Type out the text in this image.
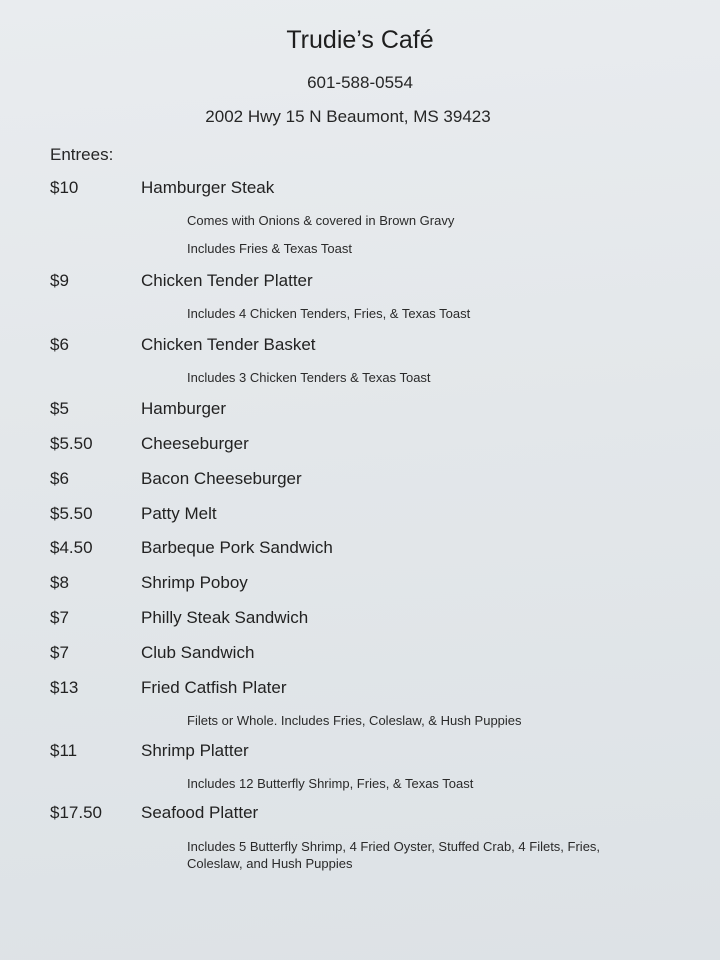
Trudie’s Café
601-588-0554
2002 Hwy 15 N Beaumont, MS 39423
Entrees:
$10	Hamburger Steak
Comes with Onions & covered in Brown Gravy
Includes Fries & Texas Toast
$9	Chicken Tender Platter
Includes 4 Chicken Tenders, Fries, & Texas Toast
$6	Chicken Tender Basket
Includes 3 Chicken Tenders & Texas Toast
$5	Hamburger
$5.50	Cheeseburger
$6	Bacon Cheeseburger
$5.50	Patty Melt
$4.50	Barbeque Pork Sandwich
$8	Shrimp Poboy
$7	Philly Steak Sandwich
$7	Club Sandwich
$13	Fried Catfish Plater
Filets or Whole. Includes Fries, Coleslaw, & Hush Puppies
$11	Shrimp Platter
Includes 12 Butterfly Shrimp, Fries, & Texas Toast
$17.50 Seafood Platter
Includes 5 Butterfly Shrimp, 4 Fried Oyster, Stuffed Crab, 4 Filets, Fries, Coleslaw, and Hush Puppies
